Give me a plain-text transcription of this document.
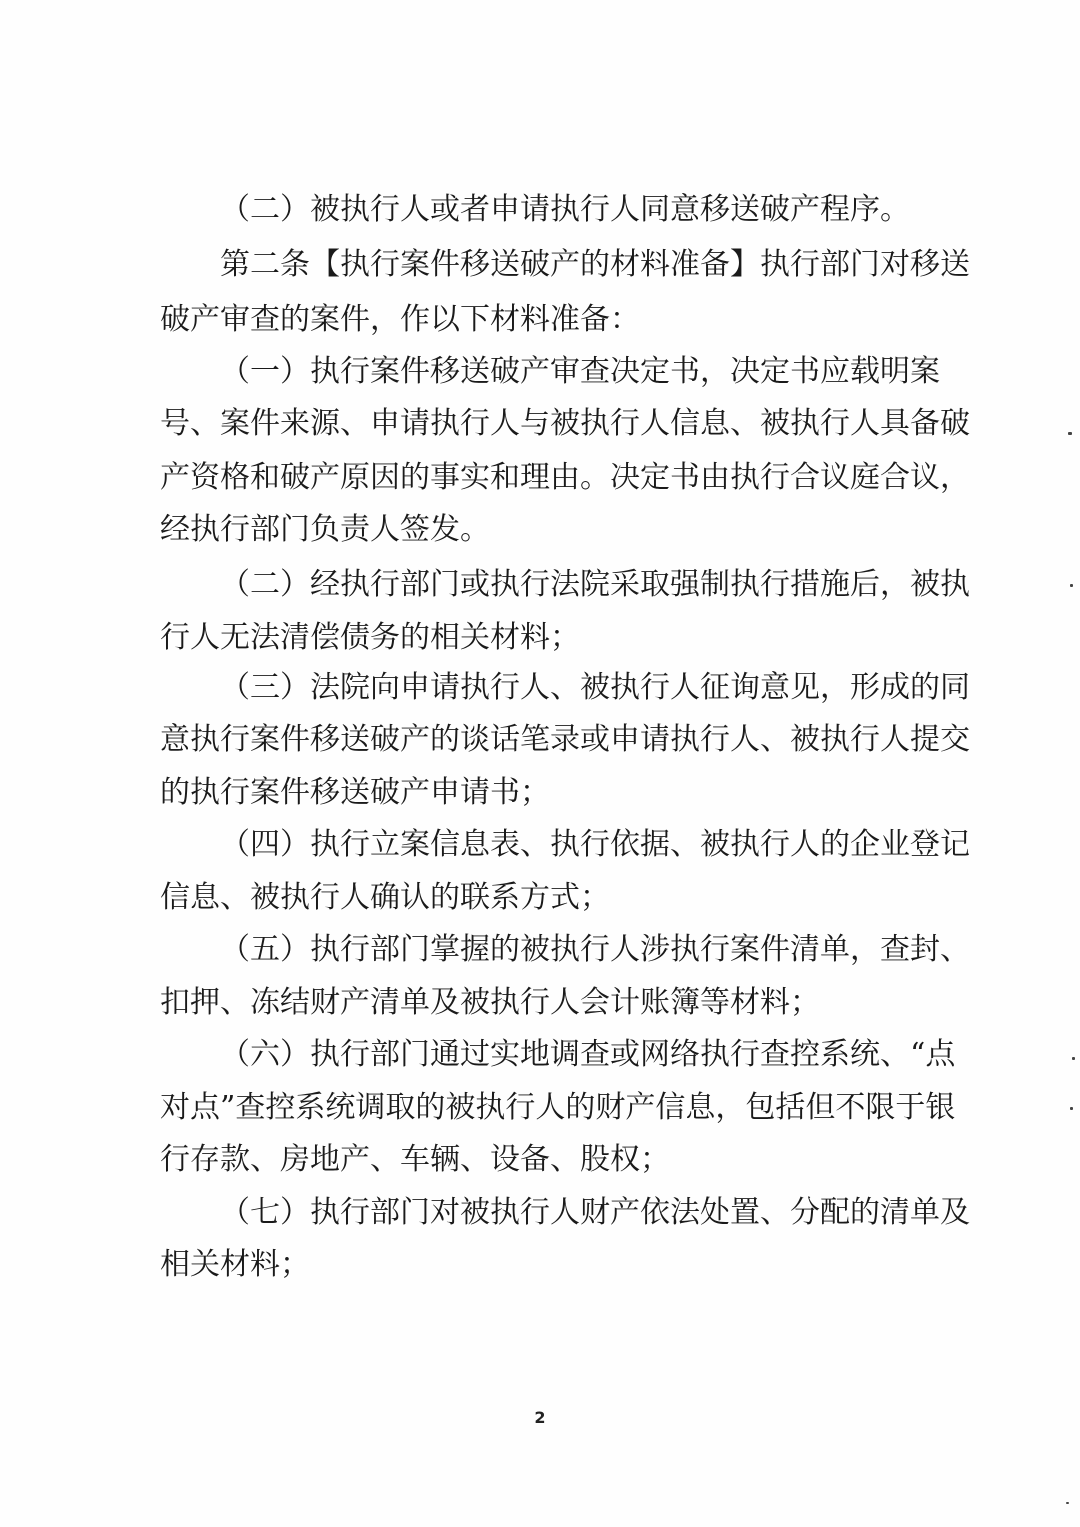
（二）被执行人或者申请执行人同意移送破产程序。
第 二 条 【 执 行 案 件 移 送 破 产 的 材 料 准 备 】 执 行 部 门 对 移 送
破产审查的案件，作以下材料准备：
（ 一 ） 执 行 案 件 移 送 破 产 审 查 决 定 书 ， 决 定 书 应 载 明 案
号 、 案 件 来 源 、 申 请 执 行 人 与 被 执 行 人 信 息 、 被 执 行 人 具 备 破
产 资 格 和 破 产 原 因 的 事 实 和 理 由 。 决 定 书 由 执 行 合 议 庭 合 议 ，
经执行部门负责人签发。
（ 二 ） 经 执 行 部 门 或 执 行 法 院 采 取 强 制 执 行 措 施 后 ， 被 执
行人无法清偿债务的相关材料；
（ 三 ） 法 院 向 申 请 执 行 人 、 被 执 行 人 征 询 意 见 ， 形 成 的 同
意 执 行 案 件 移 送 破 产 的 谈 话 笔 录 或 申 请 执 行 人 、 被 执 行 人 提 交
的执行案件移送破产申请书；
（ 四 ） 执 行 立 案 信 息 表 、 执 行 依 据 、 被 执 行 人 的 企 业 登 记
信息、被执行人确认的联系方式；
（ 五 ） 执 行 部 门 掌 握 的 被 执 行 人 涉 执 行 案 件 清 单 ， 查 封 、
扣押、冻结财产清单及被执行人会计账簿等材料；
（ 六 ） 执 行 部 门 通 过 实 地 调 查 或 网 络 执 行 查 控 系 统 、 “ 点
对 点 ” 查 控 系 统 调 取 的 被 执 行 人 的 财 产 信 息 ， 包 括 但 不 限 于 银
行存款、房地产、车辆、设备、股权；
（ 七 ） 执 行 部 门 对 被 执 行 人 财 产 依 法 处 置 、 分 配 的 清 单 及
相关材料；
2
